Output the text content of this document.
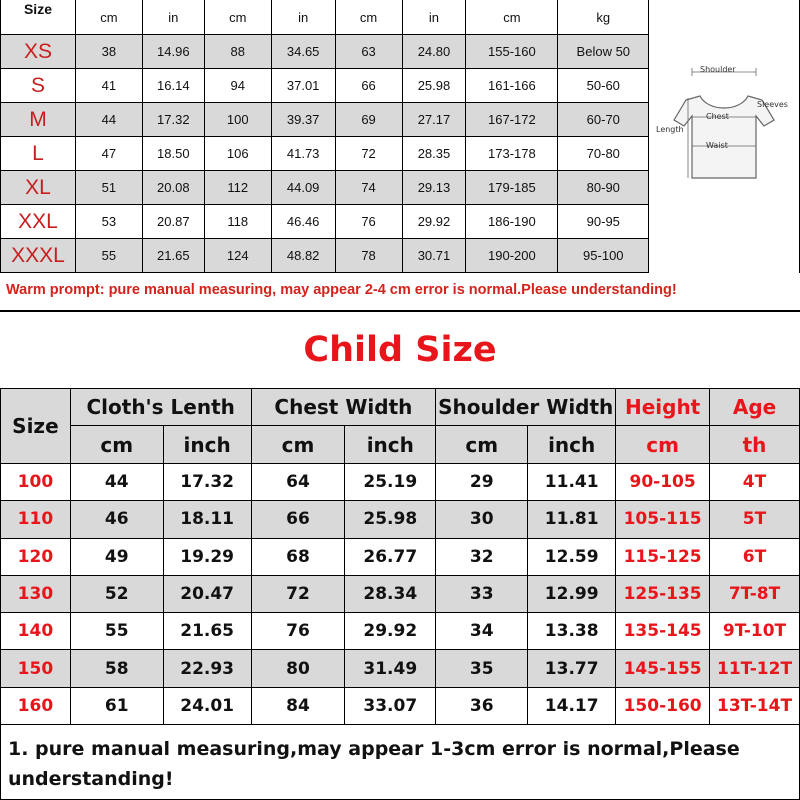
Size	cm	in	cm	in	cm	in	cm	kg	
XS	38	14.96	88	34.65	63	24.80	155-160	Below 50	
S	41	16.14	94	37.01	66	25.98	161-166	50-60	
M	44	17.32	100	39.37	69	27.17	167-172	60-70	
L	47	18.50	106	41.73	72	28.35	173-178	70-80	
XL	51	20.08	112	44.09	74	29.13	179-185	80-90	
XXL	53	20.87	118	46.46	76	29.92	186-190	90-95	
XXXL	55	21.65	124	48.82	78	30.71	190-200	95-100	
Shoulder
Sleeves
Chest
Length
Waist
Warm prompt: pure manual measuring, may appear 2-4 cm error is normal.Please understanding!
Child Size
Size	Cloth's Lenth		Chest Width		Shoulder Width		Height	Age
	cm	inch	cm	inch	cm	inch	cm	th
100	44	17.32	64	25.19	29	11.41	90-105	4T
110	46	18.11	66	25.98	30	11.81	105-115	5T
120	49	19.29	68	26.77	32	12.59	115-125	6T
130	52	20.47	72	28.34	33	12.99	125-135	7T-8T
140	55	21.65	76	29.92	34	13.38	135-145	9T-10T
150	58	22.93	80	31.49	35	13.77	145-155	11T-12T
160	61	24.01	84	33.07	36	14.17	150-160	13T-14T
1. pure manual measuring,may appear 1-3cm error is normal,Please understanding!
